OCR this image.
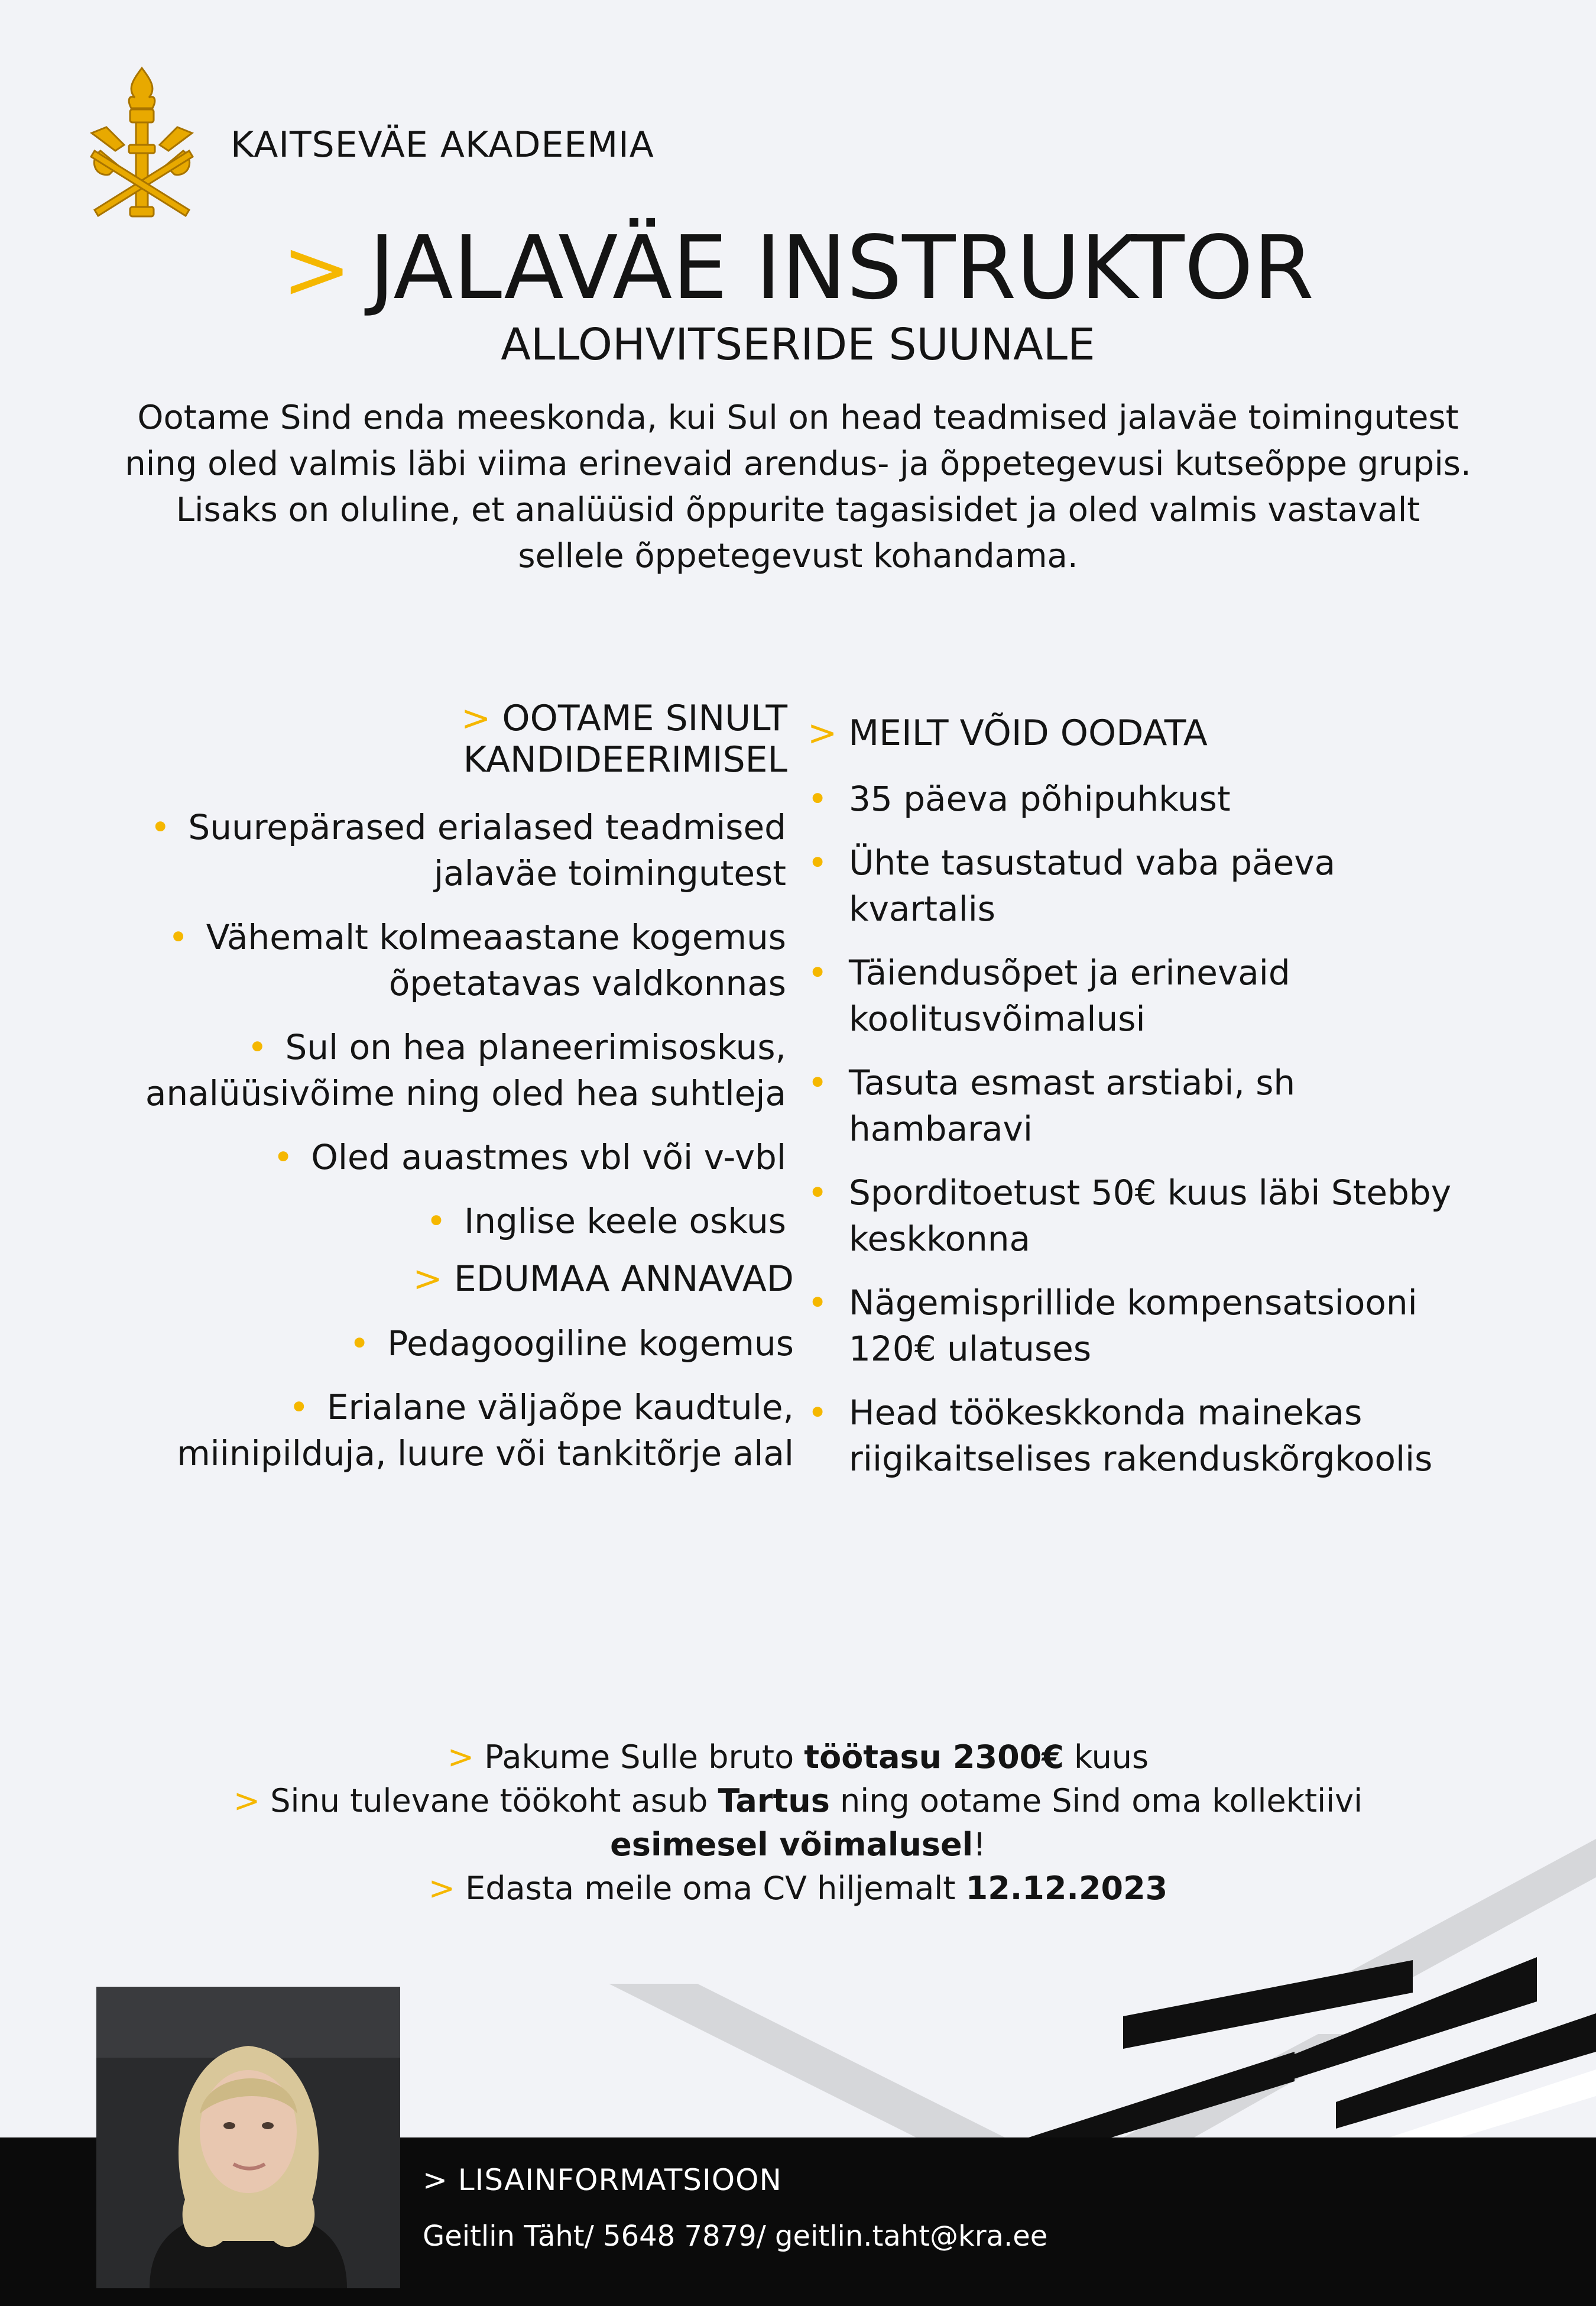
KAITSEVÄE AKADEEMIA
> JALAVÄE INSTRUKTOR
ALLOHVITSERIDE SUUNALE
Ootame Sind enda meeskonda, kui Sul on head teadmised jalaväe toimingutest ning oled valmis läbi viima erinevaid arendus- ja õppetegevusi kutseõppe grupis. Lisaks on oluline, et analüüsid õppurite tagasisidet ja oled valmis vastavalt sellele õppetegevust kohandama.
> OOTAME SINULT
KANDIDEERIMISEL
• Suurepärased erialased teadmised jalaväe toimingutest
• Vähemalt kolmeaastane kogemus õpetatavas valdkonnas
• Sul on hea planeerimisoskus, analüüsivõime ning oled hea suhtleja
• Oled auastmes vbl või v-vbl
• Inglise keele oskus
> EDUMAA ANNAVAD
• Pedagoogiline kogemus
• Erialane väljaõpe kaudtule, miinipilduja, luure või tankitõrje alal
> MEILT VÕID OODATA
• 35 päeva põhipuhkust
• Ühte tasustatud vaba päeva kvartalis
• Täiendusõpet ja erinevaid koolitusvõimalusi
• Tasuta esmast arstiabi, sh hambaravi
• Sporditoetust 50€ kuus läbi Stebby keskkonna
• Nägemisprillide kompensatsiooni 120€ ulatuses
• Head töökeskkonda mainekas riigikaitselises rakenduskõrgkoolis
> Pakume Sulle bruto töötasu 2300€ kuus
> Sinu tulevane töökoht asub Tartus ning ootame Sind oma kollektiivi
esimesel võimalusel!
> Edasta meile oma CV hiljemalt 12.12.2023
> LISAINFORMATSIOON
Geitlin Täht/ 5648 7879/ geitlin.taht@kra.ee
